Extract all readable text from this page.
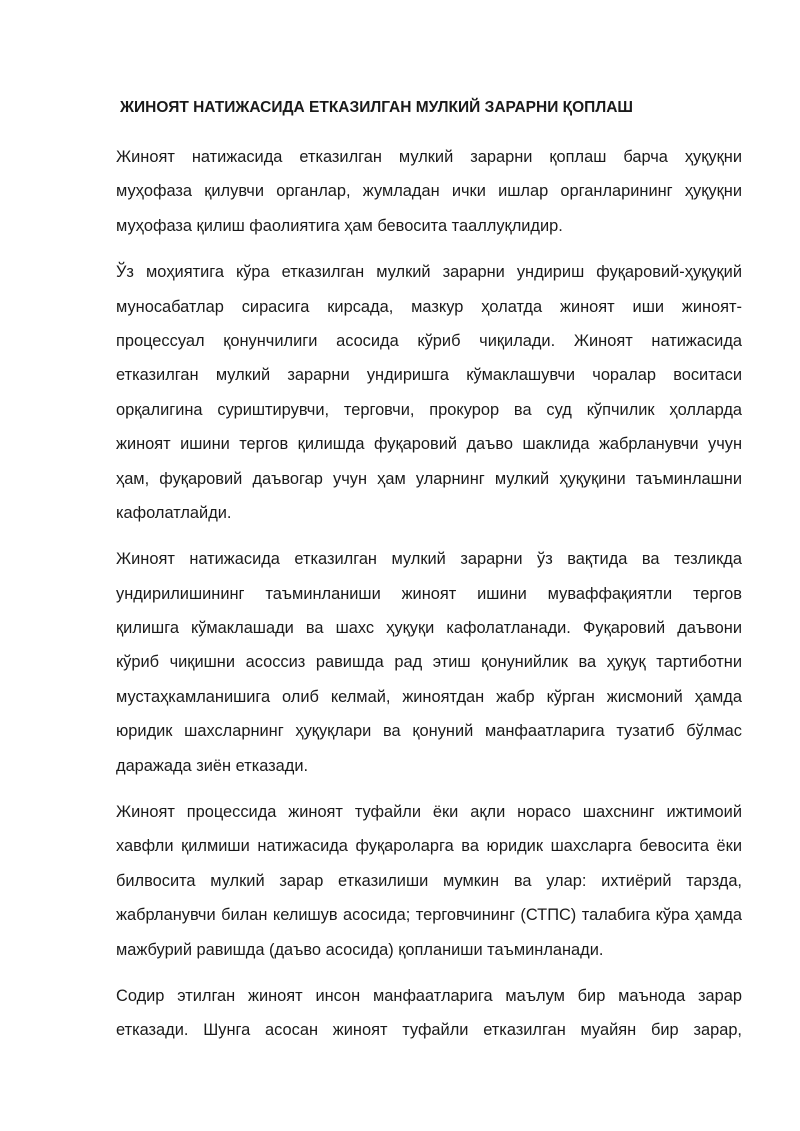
ЖИНОЯТ НАТИЖАСИДА ЕТКАЗИЛГАН МУЛКИЙ ЗАРАРНИ ҚОПЛАШ
Жиноят натижасида етказилган мулкий зарарни қоплаш барча ҳуқуқни
муҳофаза қилувчи органлар, жумладан ички ишлар органларининг ҳуқуқни
муҳофаза қилиш фаолиятига ҳам бевосита тааллуқлидир.
Ўз моҳиятига кўра етказилган мулкий зарарни ундириш фуқаровий-ҳуқуқий
муносабатлар сирасига кирсада, мазкур ҳолатда жиноят иши жиноят-
процессуал қонунчилиги асосида кўриб чиқилади. Жиноят натижасида
етказилган мулкий зарарни ундиришга кўмаклашувчи чоралар воситаси
орқалигина суриштирувчи, терговчи, прокурор ва суд кўпчилик ҳолларда
жиноят ишини тергов қилишда фуқаровий даъво шаклида жабрланувчи учун
ҳам, фуқаровий даъвогар учун ҳам уларнинг мулкий ҳуқуқини таъминлашни
кафолатлайди.
Жиноят натижасида етказилган мулкий зарарни ўз вақтида ва тезликда
ундирилишининг таъминланиши жиноят ишини муваффақиятли тергов
қилишга кўмаклашади ва шахс ҳуқуқи кафолатланади. Фуқаровий даъвони
кўриб чиқишни асоссиз равишда рад этиш қонунийлик ва ҳуқуқ тартиботни
мустаҳкамланишига олиб келмай, жиноятдан жабр кўрган жисмоний ҳамда
юридик шахсларнинг ҳуқуқлари ва қонуний манфаатларига тузатиб бўлмас
даражада зиён етказади.
Жиноят процессида жиноят туфайли ёки ақли норасо шахснинг ижтимоий
хавфли қилмиши натижасида фуқароларга ва юридик шахсларга бевосита ёки
билвосита мулкий зарар етказилиши мумкин ва улар: ихтиёрий тарзда,
жабрланувчи билан келишув асосида; терговчининг (СТПС) талабига кўра ҳамда
мажбурий равишда (даъво асосида) қопланиши таъминланади.
Содир этилган жиноят инсон манфаатларига маълум бир маънода зарар
етказади. Шунга асосан жиноят туфайли етказилган муайян бир зарар,
